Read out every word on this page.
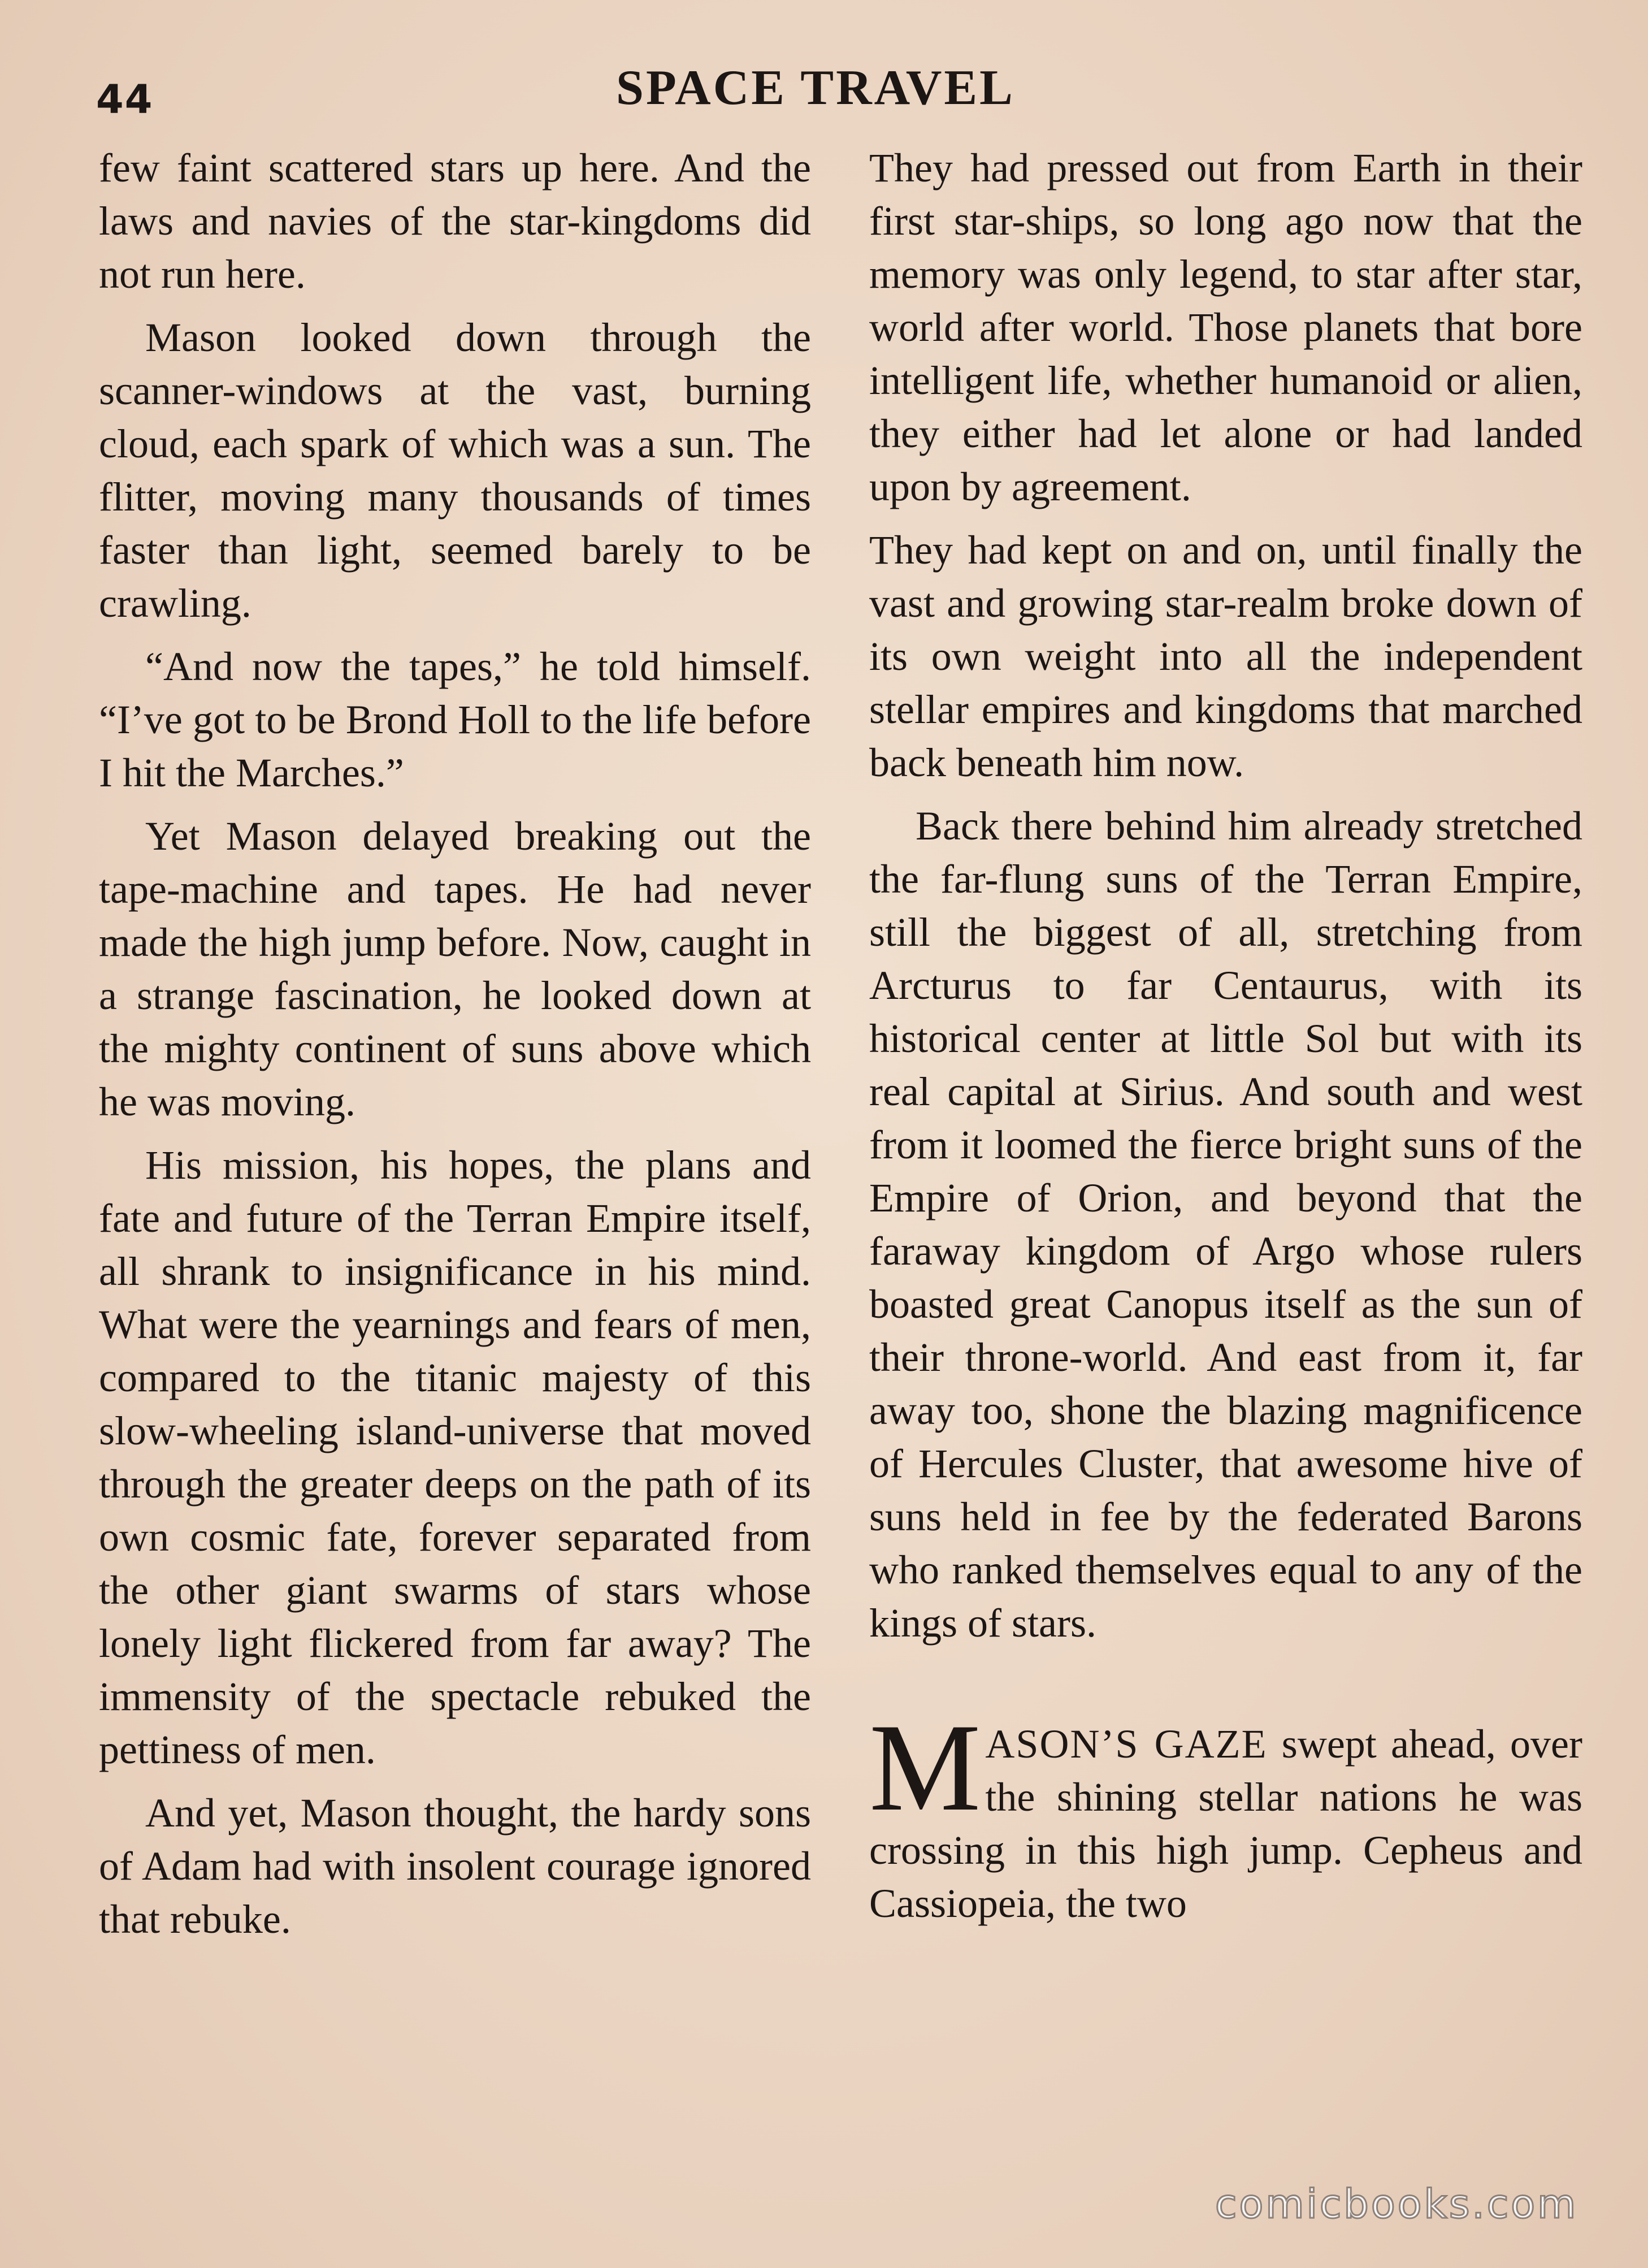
44	SPACE TRAVEL

few faint scattered stars up here. And the laws and navies of the star-kingdoms did not run here.

Mason looked down through the scanner-windows at the vast, burning cloud, each spark of which was a sun. The flitter, moving many thousands of times faster than light, seemed barely to be crawling.

“And now the tapes,” he told himself. “I’ve got to be Brond Holl to the life before I hit the Marches.”

Yet Mason delayed breaking out the tape-machine and tapes. He had never made the high jump before. Now, caught in a strange fascination, he looked down at the mighty continent of suns above which he was moving.

His mission, his hopes, the plans and fate and future of the Terran Empire itself, all shrank to insignificance in his mind. What were the yearnings and fears of men, compared to the titanic majesty of this slow-wheeling island-universe that moved through the greater deeps on the path of its own cosmic fate, forever separated from the other giant swarms of stars whose lonely light flickered from far away? The immensity of the spectacle rebuked the pettiness of men.

And yet, Mason thought, the hardy sons of Adam had with insolent courage ignored that rebuke.

They had pressed out from Earth in their first star-ships, so long ago now that the memory was only legend, to star after star, world after world. Those planets that bore intelligent life, whether humanoid or alien, they either had let alone or had landed upon by agreement.

They had kept on and on, until finally the vast and growing star-realm broke down of its own weight into all the independent stellar empires and kingdoms that marched back beneath him now.

Back there behind him already stretched the far-flung suns of the Terran Empire, still the biggest of all, stretching from Arcturus to far Centaurus, with its historical center at little Sol but with its real capital at Sirius. And south and west from it loomed the fierce bright suns of the Empire of Orion, and beyond that the faraway kingdom of Argo whose rulers boasted great Canopus itself as the sun of their throne-world. And east from it, far away too, shone the blazing magnificence of Hercules Cluster, that awesome hive of suns held in fee by the federated Barons who ranked themselves equal to any of the kings of stars.

MASON’S GAZE swept ahead, over the shining stellar nations he was crossing in this high jump. Cepheus and Cassiopeia, the two

comicbooks.com
